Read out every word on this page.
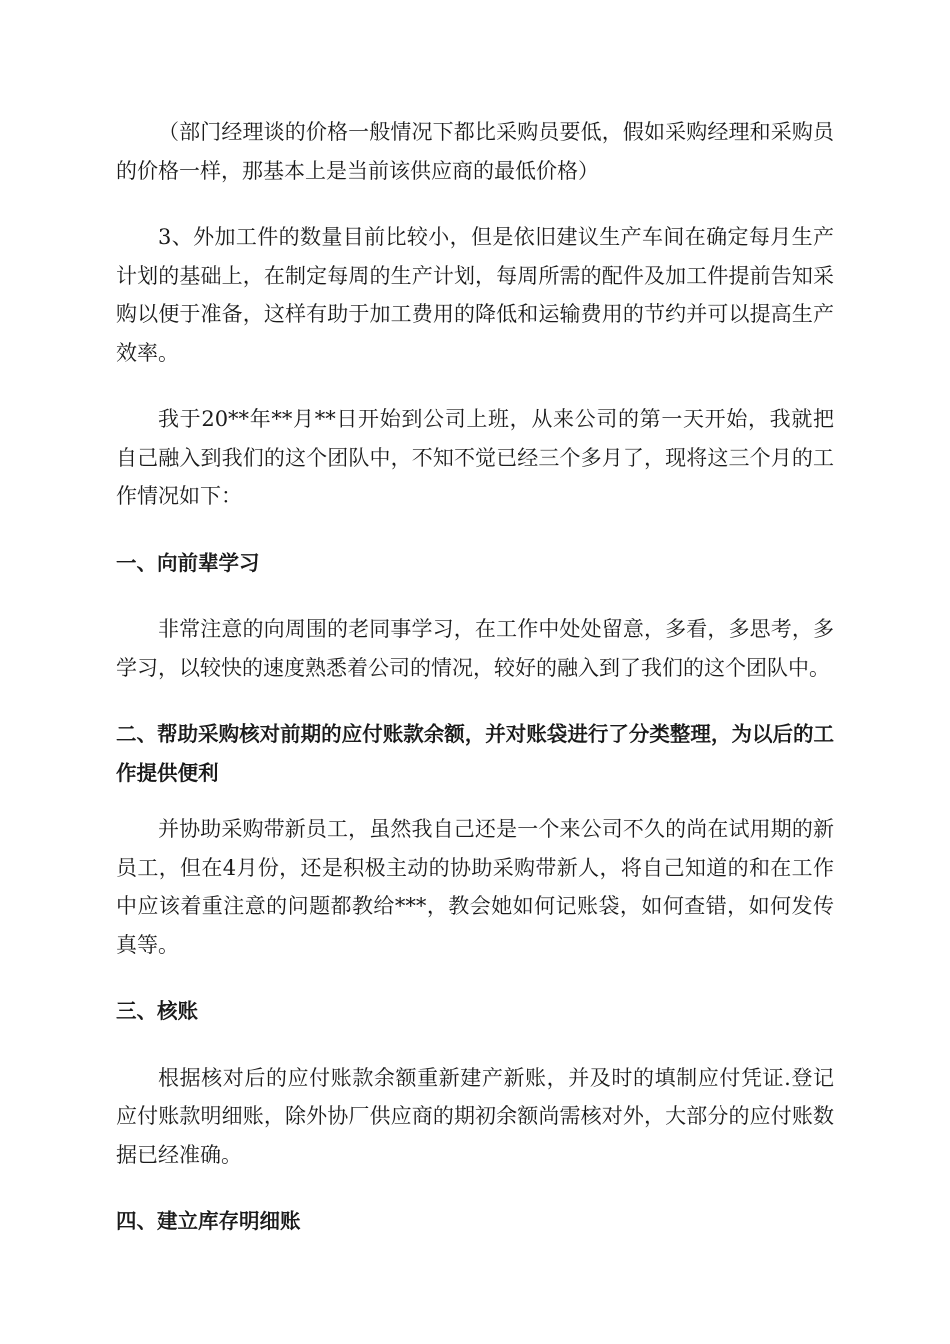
（部门经理谈的价格一般情况下都比采购员要低，假如采购经理和采购员的价格一样，那基本上是当前该供应商的最低价格）

3、外加工件的数量目前比较小，但是依旧建议生产车间在确定每月生产计划的基础上，在制定每周的生产计划，每周所需的配件及加工件提前告知采购以便于准备，这样有助于加工费用的降低和运输费用的节约并可以提高生产效率。

我于20**年**月**日开始到公司上班，从来公司的第一天开始，我就把自己融入到我们的这个团队中，不知不觉已经三个多月了，现将这三个月的工作情况如下：

一、向前辈学习

非常注意的向周围的老同事学习，在工作中处处留意，多看，多思考，多学习，以较快的速度熟悉着公司的情况，较好的融入到了我们的这个团队中。

二、帮助采购核对前期的应付账款余额，并对账袋进行了分类整理，为以后的工作提供便利

并协助采购带新员工，虽然我自己还是一个来公司不久的尚在试用期的新员工，但在4月份，还是积极主动的协助采购带新人，将自己知道的和在工作中应该着重注意的问题都教给***，教会她如何记账袋，如何查错，如何发传真等。

三、核账

根据核对后的应付账款余额重新建产新账，并及时的填制应付凭证.登记应付账款明细账，除外协厂供应商的期初余额尚需核对外，大部分的应付账数据已经准确。

四、建立库存明细账
